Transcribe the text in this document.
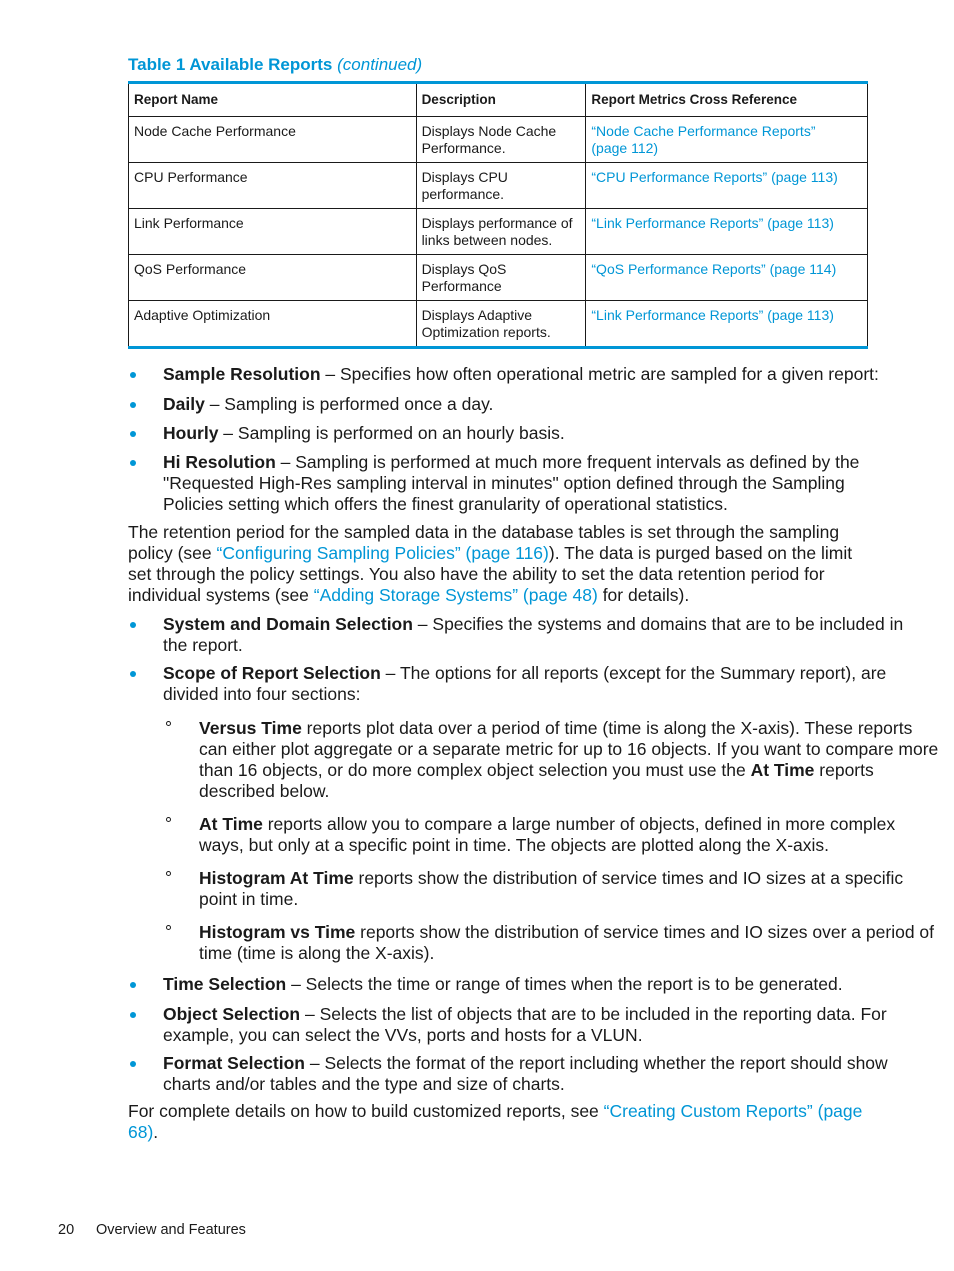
Table 1 Available Reports (continued)
Report Name	Description	Report Metrics Cross Reference
Node Cache Performance	Displays Node Cache Performance.	“Node Cache Performance Reports”
(page 112)
CPU Performance	Displays CPU performance.	“CPU Performance Reports” (page 113)
Link Performance	Displays performance of links between nodes.	“Link Performance Reports” (page 113)
QoS Performance	Displays QoS Performance	“QoS Performance Reports” (page 114)
Adaptive Optimization	Displays Adaptive Optimization reports.	“Link Performance Reports” (page 113)
Sample Resolution – Specifies how often operational metric are sampled for a given report:
Daily – Sampling is performed once a day.
Hourly – Sampling is performed on an hourly basis.
Hi Resolution – Sampling is performed at much more frequent intervals as defined by the "Requested High-Res sampling interval in minutes" option defined through the Sampling Policies setting which offers the finest granularity of operational statistics.
The retention period for the sampled data in the database tables is set through the sampling policy (see “Configuring Sampling Policies” (page 116)). The data is purged based on the limit set through the policy settings. You also have the ability to set the data retention period for individual systems (see “Adding Storage Systems” (page 48) for details).
System and Domain Selection – Specifies the systems and domains that are to be included in the report.
Scope of Report Selection – The options for all reports (except for the Summary report), are divided into four sections:
Versus Time reports plot data over a period of time (time is along the X-axis). These reports can either plot aggregate or a separate metric for up to 16 objects. If you want to compare more than 16 objects, or do more complex object selection you must use the At Time reports described below.
At Time reports allow you to compare a large number of objects, defined in more complex ways, but only at a specific point in time. The objects are plotted along the X-axis.
Histogram At Time reports show the distribution of service times and IO sizes at a specific point in time.
Histogram vs Time reports show the distribution of service times and IO sizes over a period of time (time is along the X-axis).
Time Selection – Selects the time or range of times when the report is to be generated.
Object Selection – Selects the list of objects that are to be included in the reporting data. For example, you can select the VVs, ports and hosts for a VLUN.
Format Selection – Selects the format of the report including whether the report should show charts and/or tables and the type and size of charts.
For complete details on how to build customized reports, see “Creating Custom Reports” (page 68).
20 Overview and Features
